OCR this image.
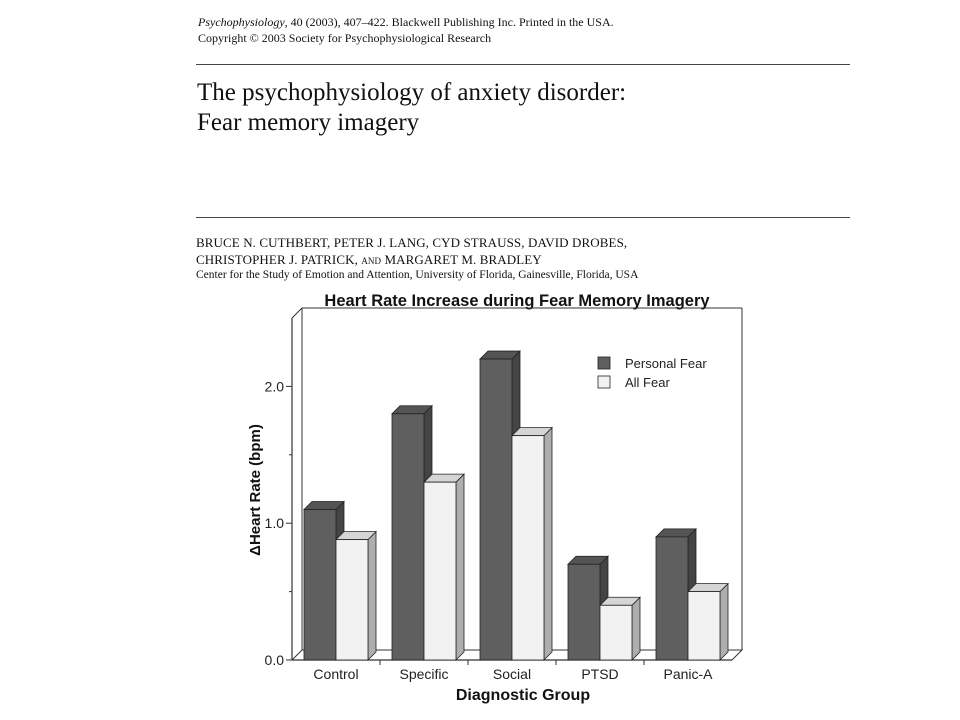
Psychophysiology, 40 (2003), 407–422. Blackwell Publishing Inc. Printed in the USA.
Copyright © 2003 Society for Psychophysiological Research
The psychophysiology of anxiety disorder:
Fear memory imagery
BRUCE N. CUTHBERT, PETER J. LANG, CYD STRAUSS, DAVID DROBES,
CHRISTOPHER J. PATRICK, and MARGARET M. BRADLEY
Center for the Study of Emotion and Attention, University of Florida, Gainesville, Florida, USA
Heart Rate Increase during Fear Memory Imagery
0.0
1.0
2.0
Control	Specific	Social	PTSD	Panic-A
Personal Fear
All Fear
Diagnostic Group
ΔHeart Rate (bpm)
